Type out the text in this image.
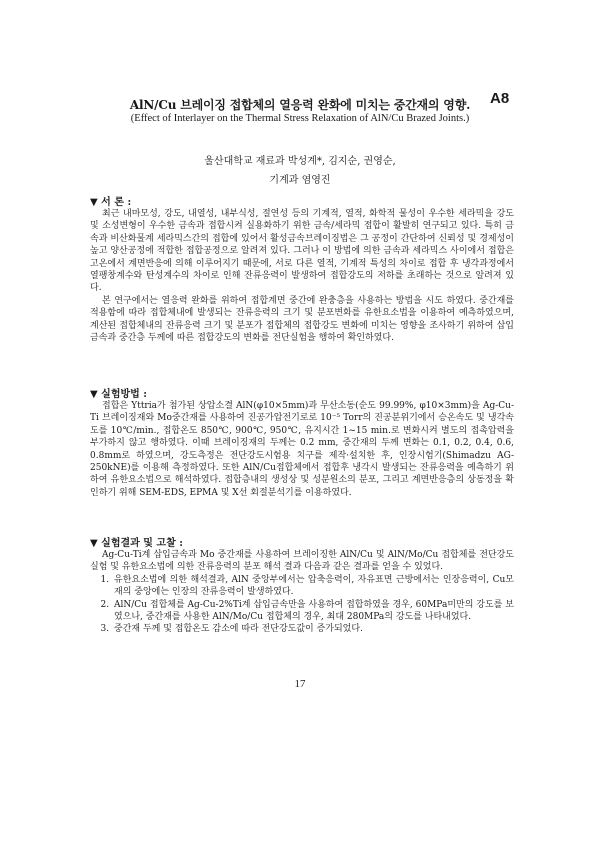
A8
AlN/Cu 브레이징 접합체의 열응력 완화에 미치는 중간재의 영향.
(Effect of Interlayer on the Thermal Stress Relaxation of AlN/Cu Brazed Joints.)
울산대학교 재료과 박성계*, 김지순, 권영순,
기계과 염영진
▼ 서 론 :

최근 내마모성, 강도, 내열성, 내부식성, 절연성 등의 기계적, 열적, 화학적 물성이 우수한 세라믹을 강도 및 소성변형이 우수한 금속과 접합시켜 실용화하기 위한 금속/세라믹 접합이 활발히 연구되고 있다. 특히 금속과 비산화물계 세라믹스간의 접합에 있어서 활성금속브레이징법은 그 공정이 간단하여 신뢰성 및 경제성이 높고 양산공정에 적합한 접합공정으로 알려져 있다. 그러나 이 방법에 의한 금속과 세라믹스 사이에서 접합은 고온에서 계면반응에 의해 이루어지기 때문에, 서로 다른 열적, 기계적 특성의 차이로 접합 후 냉각과정에서 열팽창계수와 탄성계수의 차이로 인해 잔류응력이 발생하여 접합강도의 저하를 초래하는 것으로 알려져 있다.

본 연구에서는 열응력 완화를 위하여 접합계면 중간에 완충층을 사용하는 방법을 시도 하였다. 중간재를 적용함에 따라 접합체내에 발생되는 잔류응력의 크기 및 분포변화를 유한요소법을 이용하여 예측하였으며, 계산된 접합체내의 잔류응력 크기 및 분포가 접합체의 접합강도 변화에 미치는 영향을 조사하기 위하여 삽입금속과 중간층 두께에 따른 접합강도의 변화를 전단실험을 행하여 확인하였다.

▼ 실험방법 :

접합은 Yttria가 첨가된 상압소결 AlN(φ10×5mm)과 무산소동(순도 99.99%, φ10×3mm)을 Ag-Cu-Ti 브레이징재와 Mo중간재를 사용하여 진공가압전기로로 10⁻⁵ Torr의 진공분위기에서 승온속도 및 냉각속도를 10℃/min., 접합온도 850℃, 900℃, 950℃, 유지시간 1~15 min.로 변화시켜 별도의 접촉압력을 부가하지 않고 행하였다. 이때 브레이징재의 두께는 0.2 mm, 중간재의 두께 변화는 0.1, 0.2, 0.4, 0.6, 0.8mm로 하였으며, 강도측정은 전단강도시험용 치구를 제작·설치한 후, 인장시험기(Shimadzu AG-250kNE)를 이용해 측정하였다. 또한 AlN/Cu접합체에서 접합후 냉각시 발생되는 잔류응력을 예측하기 위하여 유한요소법으로 해석하였다. 접합층내의 생성상 및 성분원소의 분포, 그리고 계면반응층의 상동정을 확인하기 위해 SEM-EDS, EPMA 및 X선 회절분석기를 이용하였다.

▼ 실험결과 및 고찰 :

Ag-Cu-Ti계 삽입금속과 Mo 중간재를 사용하여 브레이징한 AlN/Cu 및 AlN/Mo/Cu 접합체를 전단강도실험 및 유한요소법에 의한 잔류응력의 분포 해석 결과 다음과 같은 결과를 얻을 수 있었다.

1. 유한요소법에 의한 해석결과, AlN 중앙부에서는 압축응력이, 자유표면 근방에서는 인장응력이, Cu모재의 중앙에는 인장의 잔류응력이 발생하였다.
2. AlN/Cu 접합체를 Ag-Cu-2%Ti계 삽입금속만을 사용하여 접합하였을 경우, 60MPa미만의 강도를 보였으나, 중간재를 사용한 AlN/Mo/Cu 접합체의 경우, 최대 280MPa의 강도를 나타내었다.
3. 중간재 두께 및 접합온도 감소에 따라 전단강도값이 증가되었다.
17
